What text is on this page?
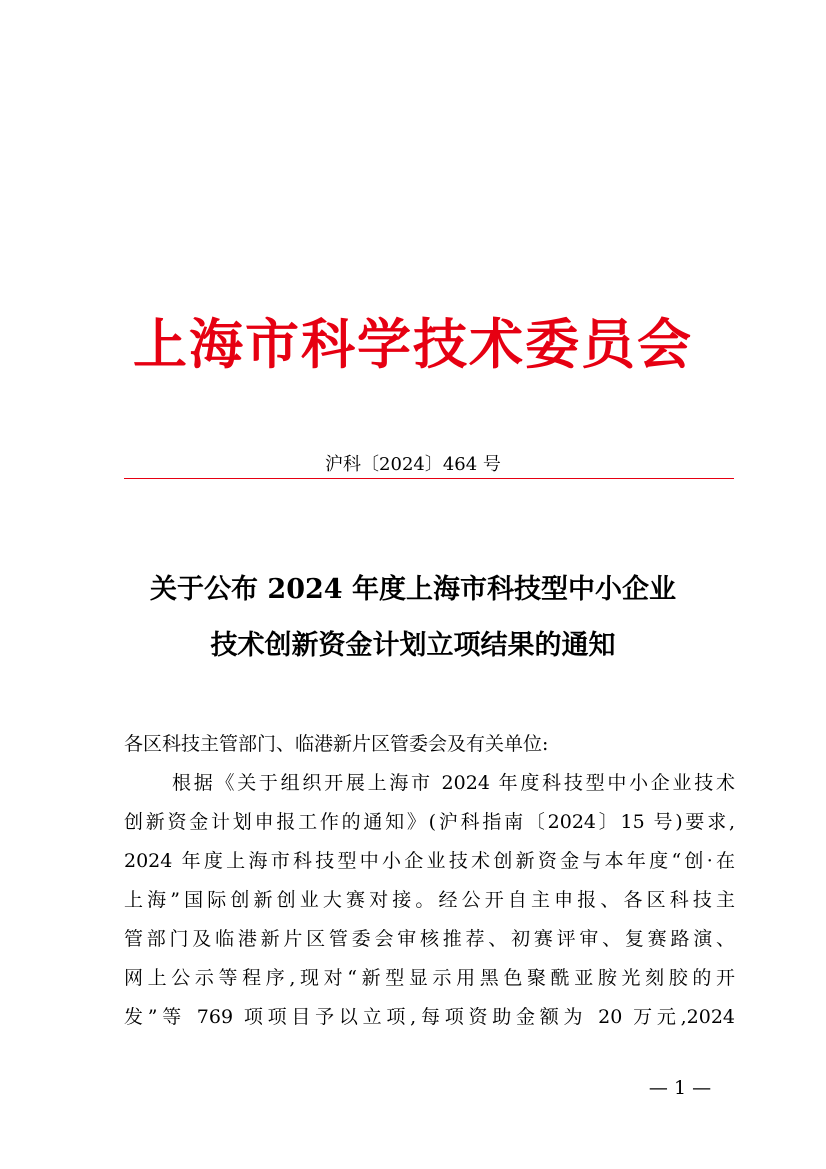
上海市科学技术委员会
沪科〔2024〕464 号
关于公布 2024 年度上海市科技型中小企业
技术创新资金计划立项结果的通知
各区科技主管部门、临港新片区管委会及有关单位:
根据《关于组织开展上海市 2024 年度科技型中小企业技术
创新资金计划申报工作的通知》(沪科指南〔2024〕15 号)要求,
2024 年度上海市科技型中小企业技术创新资金与本年度“创·在
上海”国际创新创业大赛对接。经公开自主申报、各区科技主
管部门及临港新片区管委会审核推荐、初赛评审、复赛路演、
网上公示等程序,现对“新型显示用黑色聚酰亚胺光刻胶的开
发”等 769 项项目予以立项,每项资助金额为 20 万元,2024
— 1 —
